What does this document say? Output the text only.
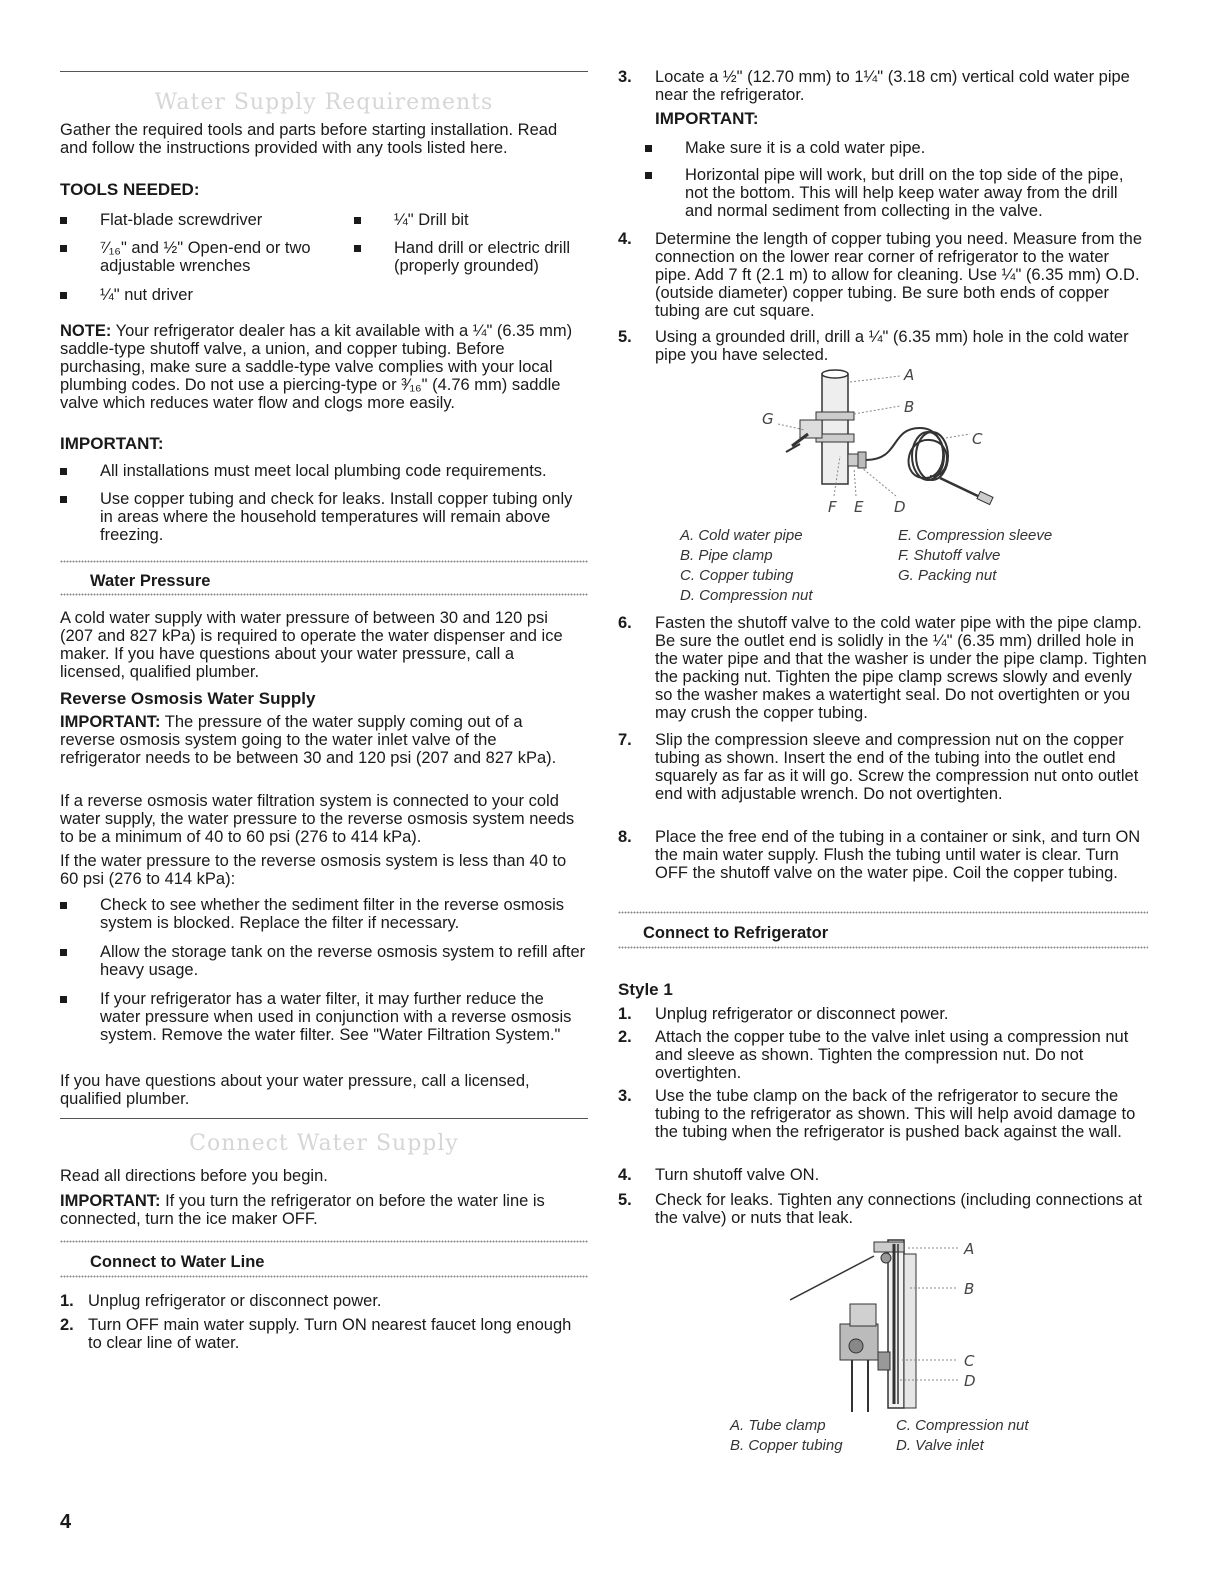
Water Supply Requirements
Gather the required tools and parts before starting installation. Read and follow the instructions provided with any tools listed here.
TOOLS NEEDED:
Flat-blade screwdriver	¼" Drill bit
⁷⁄₁₆" and ½" Open-end or two adjustable wrenches
Hand drill or electric drill (properly grounded)
¼" nut driver
NOTE: Your refrigerator dealer has a kit available with a ¼" (6.35 mm) saddle-type shutoff valve, a union, and copper tubing. Before purchasing, make sure a saddle-type valve complies with your local plumbing codes. Do not use a piercing-type or ³⁄₁₆" (4.76 mm) saddle valve which reduces water flow and clogs more easily.
IMPORTANT:
All installations must meet local plumbing code requirements.
Use copper tubing and check for leaks. Install copper tubing only in areas where the household temperatures will remain above freezing.
Water Pressure
A cold water supply with water pressure of between 30 and 120 psi (207 and 827 kPa) is required to operate the water dispenser and ice maker. If you have questions about your water pressure, call a licensed, qualified plumber.
Reverse Osmosis Water Supply
IMPORTANT: The pressure of the water supply coming out of a reverse osmosis system going to the water inlet valve of the refrigerator needs to be between 30 and 120 psi (207 and 827 kPa).
If a reverse osmosis water filtration system is connected to your cold water supply, the water pressure to the reverse osmosis system needs to be a minimum of 40 to 60 psi (276 to 414 kPa).
If the water pressure to the reverse osmosis system is less than 40 to 60 psi (276 to 414 kPa):
Check to see whether the sediment filter in the reverse osmosis system is blocked. Replace the filter if necessary.
Allow the storage tank on the reverse osmosis system to refill after heavy usage.
If your refrigerator has a water filter, it may further reduce the water pressure when used in conjunction with a reverse osmosis system. Remove the water filter. See "Water Filtration System."
If you have questions about your water pressure, call a licensed, qualified plumber.
Connect Water Supply
Read all directions before you begin.
IMPORTANT: If you turn the refrigerator on before the water line is connected, turn the ice maker OFF.
Connect to Water Line
1. Unplug refrigerator or disconnect power.
2. Turn OFF main water supply. Turn ON nearest faucet long enough to clear line of water.
3. Locate a ½" (12.70 mm) to 1¼" (3.18 cm) vertical cold water pipe near the refrigerator.
IMPORTANT:
Make sure it is a cold water pipe.
Horizontal pipe will work, but drill on the top side of the pipe, not the bottom. This will help keep water away from the drill and normal sediment from collecting in the valve.
4. Determine the length of copper tubing you need. Measure from the connection on the lower rear corner of refrigerator to the water pipe. Add 7 ft (2.1 m) to allow for cleaning. Use ¼" (6.35 mm) O.D. (outside diameter) copper tubing. Be sure both ends of copper tubing are cut square.
5. Using a grounded drill, drill a ¼" (6.35 mm) hole in the cold water pipe you have selected.
A
B
C
D
E
F
G
A. Cold water pipe
B. Pipe clamp
C. Copper tubing
D. Compression nut
E. Compression sleeve
F. Shutoff valve
G. Packing nut
6. Fasten the shutoff valve to the cold water pipe with the pipe clamp. Be sure the outlet end is solidly in the ¼" (6.35 mm) drilled hole in the water pipe and that the washer is under the pipe clamp. Tighten the packing nut. Tighten the pipe clamp screws slowly and evenly so the washer makes a watertight seal. Do not overtighten or you may crush the copper tubing.
7. Slip the compression sleeve and compression nut on the copper tubing as shown. Insert the end of the tubing into the outlet end squarely as far as it will go. Screw the compression nut onto outlet end with adjustable wrench. Do not overtighten.
8. Place the free end of the tubing in a container or sink, and turn ON the main water supply. Flush the tubing until water is clear. Turn OFF the shutoff valve on the water pipe. Coil the copper tubing.
Connect to Refrigerator
Style 1
1. Unplug refrigerator or disconnect power.
2. Attach the copper tube to the valve inlet using a compression nut and sleeve as shown. Tighten the compression nut. Do not overtighten.
3. Use the tube clamp on the back of the refrigerator to secure the tubing to the refrigerator as shown. This will help avoid damage to the tubing when the refrigerator is pushed back against the wall.
4. Turn shutoff valve ON.
5. Check for leaks. Tighten any connections (including connections at the valve) or nuts that leak.
A
B
C
D
A. Tube clamp
B. Copper tubing
C. Compression nut
D. Valve inlet
4
